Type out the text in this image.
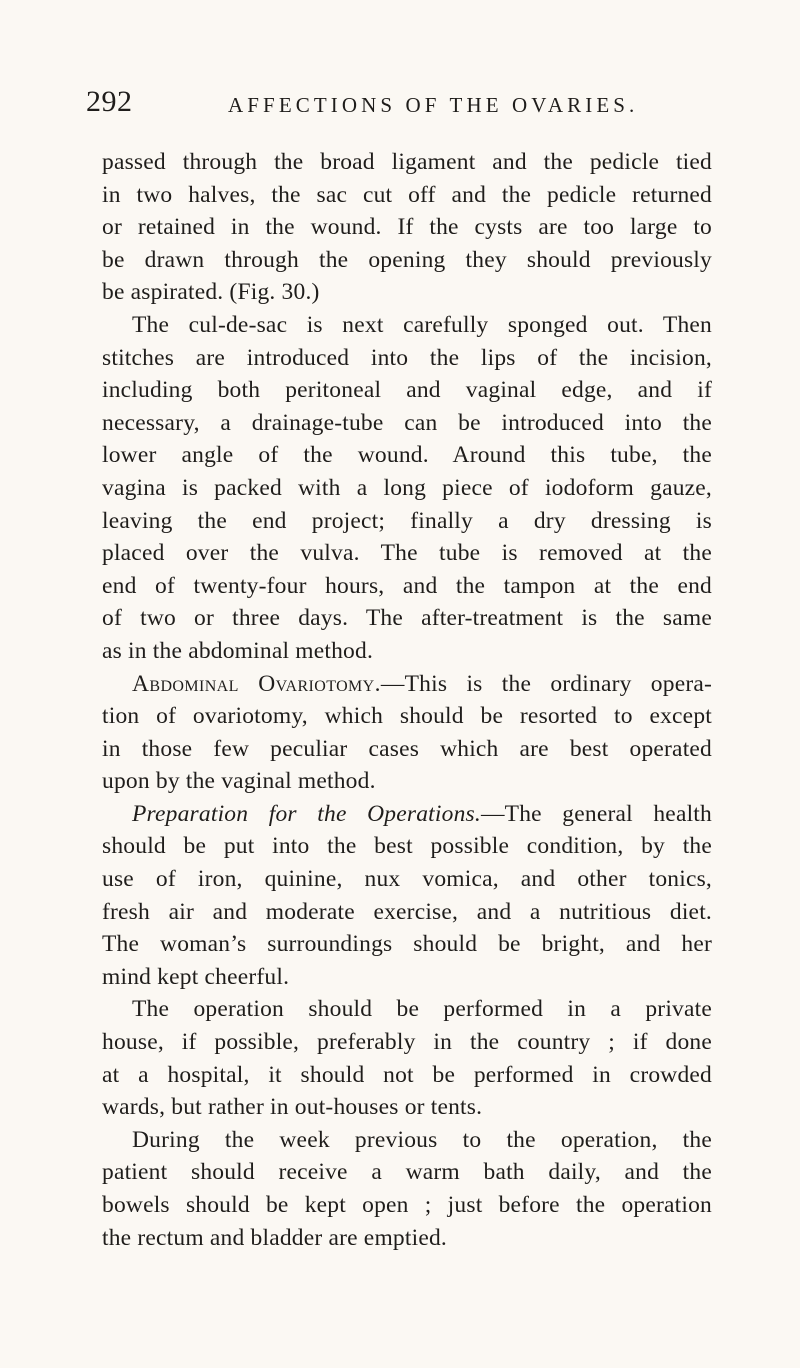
292	AFFECTIONS OF THE OVARIES.
passed through the broad ligament and the pedicle tied
in two halves, the sac cut off and the pedicle returned
or retained in the wound. If the cysts are too large to
be drawn through the opening they should previously
be aspirated. (Fig. 30.)
The cul-de-sac is next carefully sponged out. Then
stitches are introduced into the lips of the incision,
including both peritoneal and vaginal edge, and if
necessary, a drainage-tube can be introduced into the
lower angle of the wound. Around this tube, the
vagina is packed with a long piece of iodoform gauze,
leaving the end project; finally a dry dressing is
placed over the vulva. The tube is removed at the
end of twenty-four hours, and the tampon at the end
of two or three days. The after-treatment is the same
as in the abdominal method.
Abdominal Ovariotomy.—This is the ordinary opera-
tion of ovariotomy, which should be resorted to except
in those few peculiar cases which are best operated
upon by the vaginal method.
Preparation for the Operations.—The general health
should be put into the best possible condition, by the
use of iron, quinine, nux vomica, and other tonics,
fresh air and moderate exercise, and a nutritious diet.
The woman’s surroundings should be bright, and her
mind kept cheerful.
The operation should be performed in a private
house, if possible, preferably in the country ; if done
at a hospital, it should not be performed in crowded
wards, but rather in out-houses or tents.
During the week previous to the operation, the
patient should receive a warm bath daily, and the
bowels should be kept open ; just before the operation
the rectum and bladder are emptied.
